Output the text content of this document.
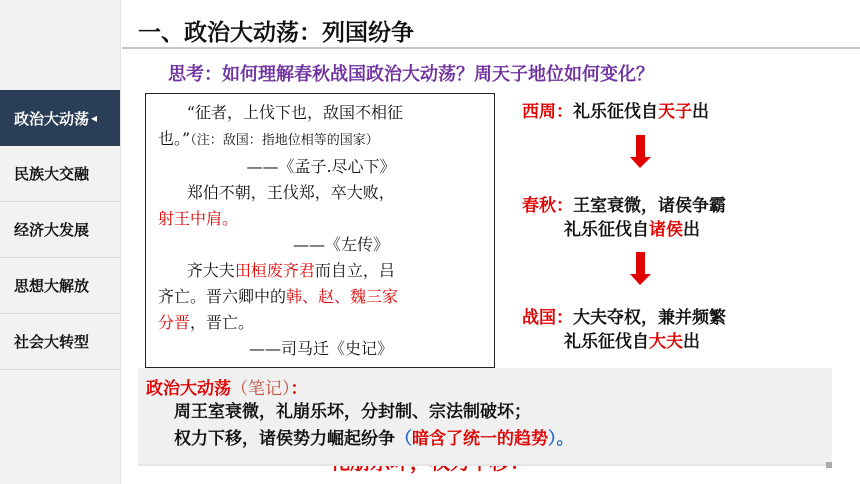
政治大动荡 ◂
民族大交融
经济大发展
思想大解放
社会大转型
一、政治大动荡：列国纷争
思考：如何理解春秋战国政治大动荡？周天子地位如何变化？

“征者，上伐下也，敌国不相征

也。”（注：敌国：指地位相等的国家）

——《孟子.尽心下》

郑伯不朝，王伐郑，卒大败，

射王中肩。

——《左传》

齐大夫田桓废齐君而自立，吕

齐亡。晋六卿中的韩、赵、魏三家

分晋，晋亡。

——司马迁《史记》

西周：礼乐征伐自天子出
春秋：王室衰微，诸侯争霸
礼乐征伐自诸侯出
战国：大夫夺权，兼并频繁
礼乐征伐自大夫出
政治大动荡（笔记）：
周王室衰微，礼崩乐坏，分封制、宗法制破坏；
权力下移，诸侯势力崛起纷争（暗含了统一的趋势）。
